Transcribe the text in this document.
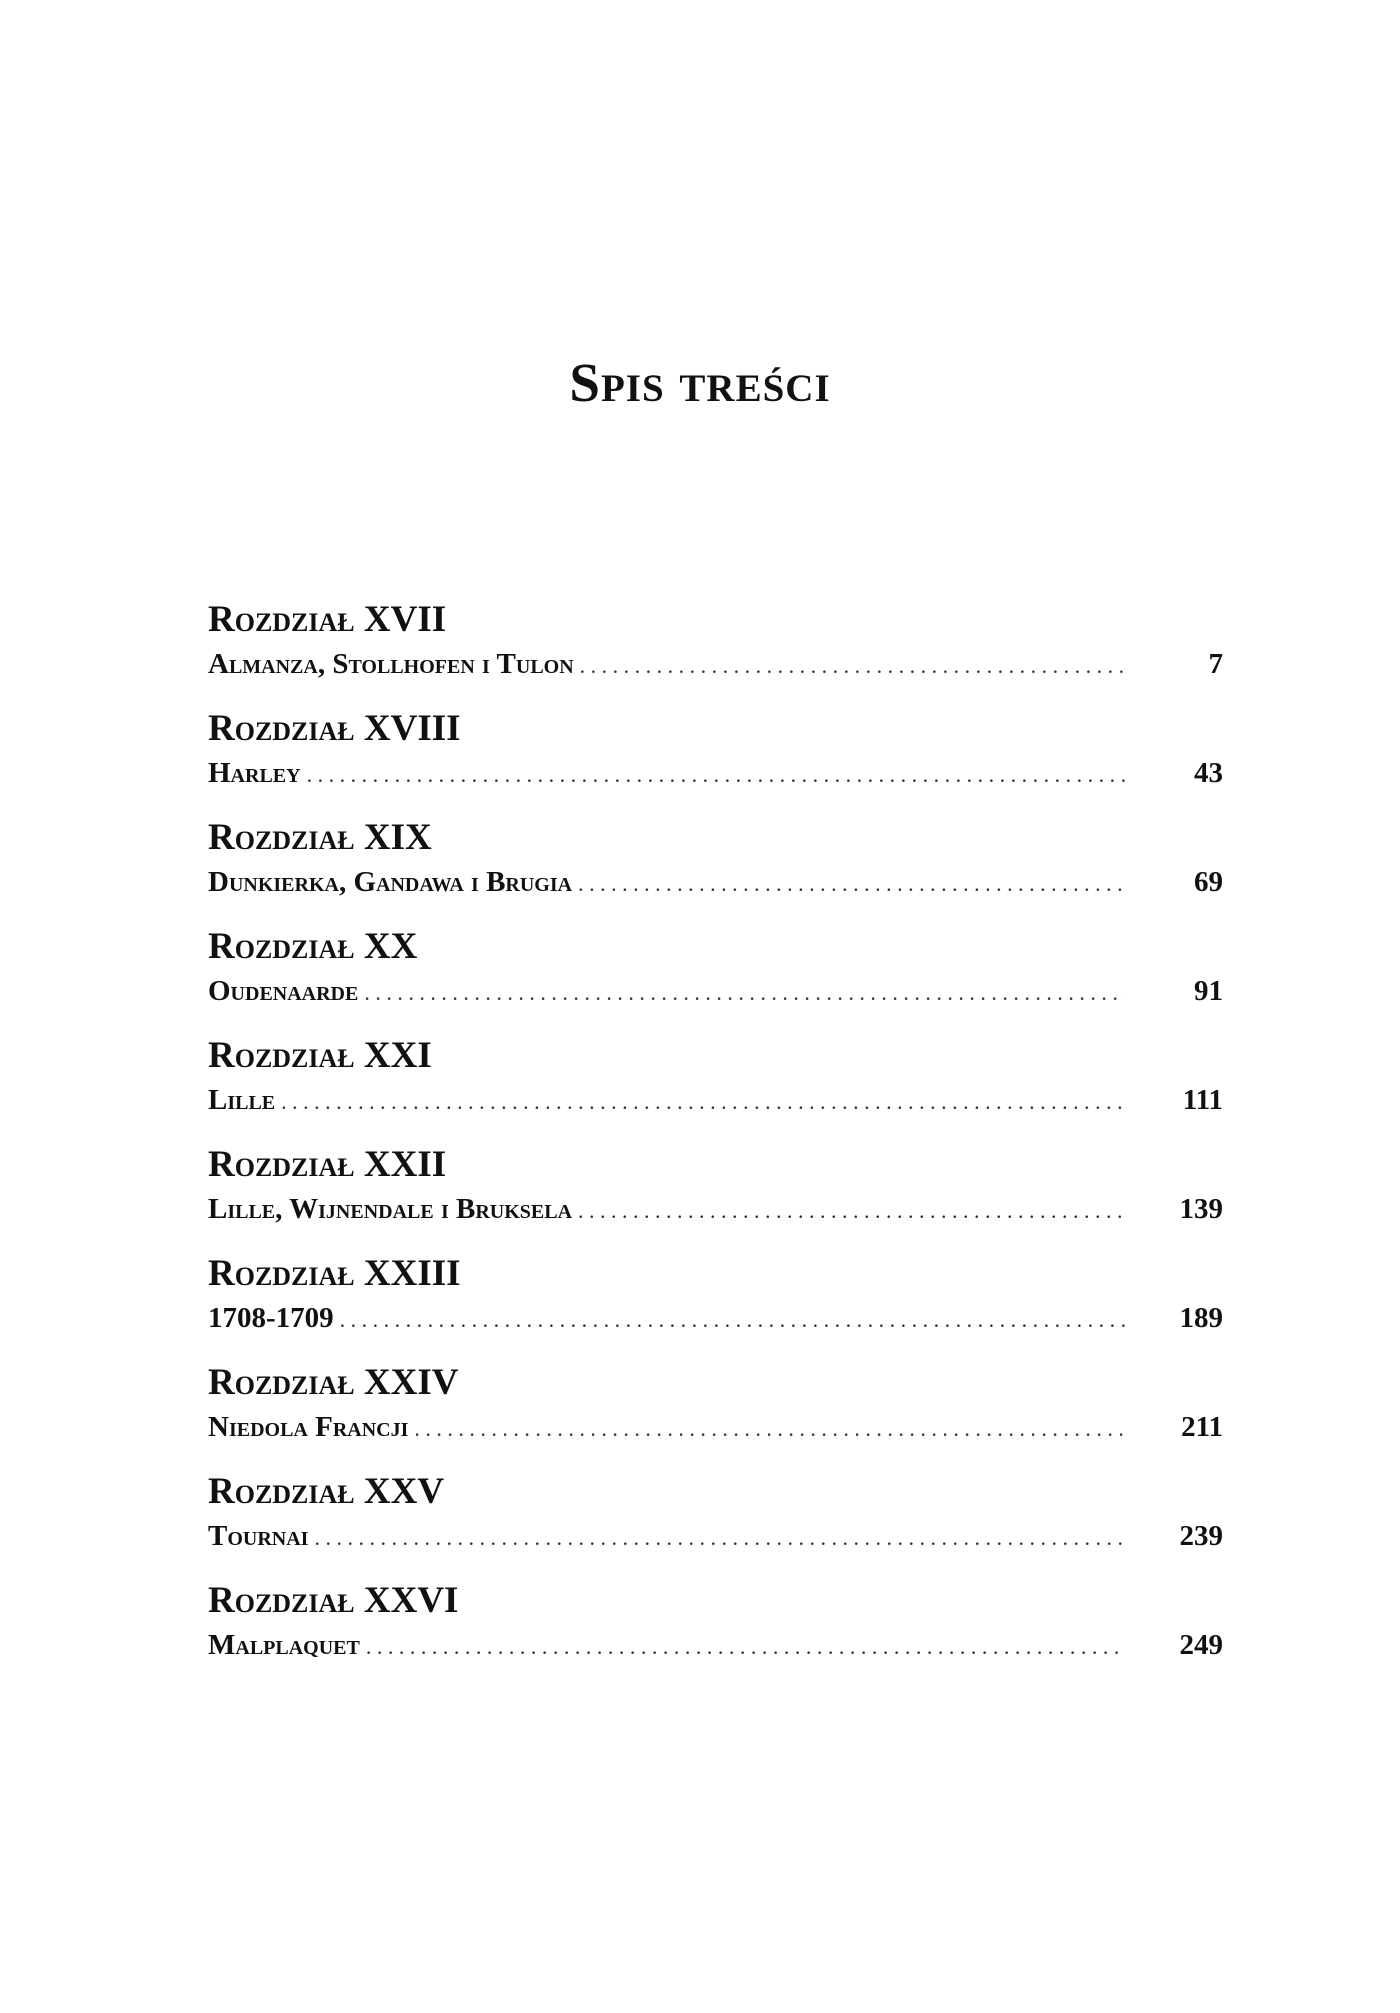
Spis treści
Rozdział XVII
Almanza, Stollhofen i Tulon . . .	7
Rozdział XVIII
Harley . . .	43
Rozdział XIX
Dunkierka, Gandawa i Brugia . . .	69
Rozdział XX
Oudenaarde . . .	91
Rozdział XXI
Lille . . .	111
Rozdział XXII
Lille, Wijnendale i Bruksela . . .	139
Rozdział XXIII
1708-1709 . . .	189
Rozdział XXIV
Niedola Francji . . .	211
Rozdział XXV
Tournai . . .	239
Rozdział XXVI
Malplaquet . . .	249
